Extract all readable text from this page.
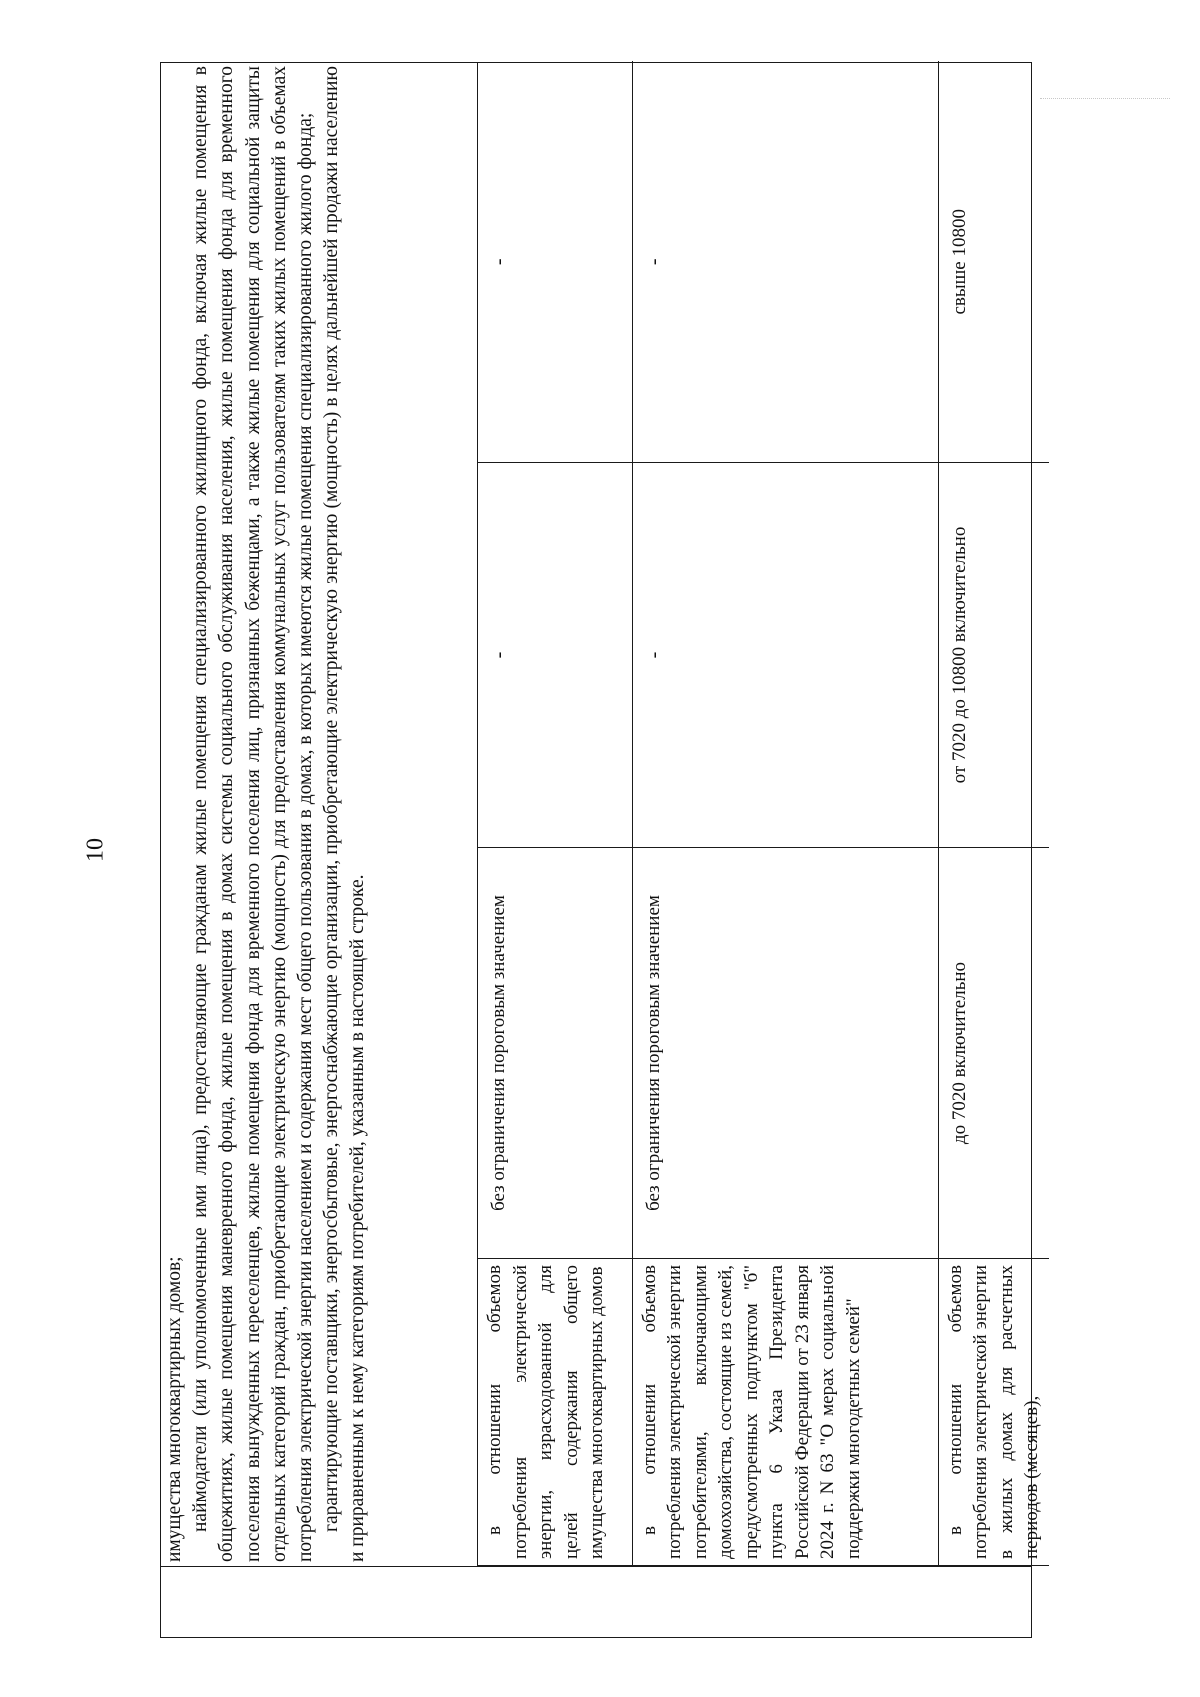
10

имущества многоквартирных домов; наймодатели (или уполномоченные ими лица), предоставляющие гражданам жилые помещения специализированного жилищного фонда, включая жилые помещения в общежитиях, жилые помещения маневренного фонда, жилые помещения в домах системы социального обслуживания населения, жилые помещения фонда для временного поселения вынужденных переселенцев, жилые помещения фонда для временного поселения лиц, признанных беженцами, а также жилые помещения для социальной защиты отдельных категорий граждан, приобретающие электрическую энергию (мощность) для предоставления коммунальных услуг пользователям таких жилых помещений в объемах потребления электрической энергии населением и содержания мест общего пользования в домах, в которых имеются жилые помещения специализированного жилого фонда; гарантирующие поставщики, энергосбытовые, энергоснабжающие организации, приобретающие электрическую энергию (мощность) в целях дальнейшей продажи населению и приравненным к нему категориям потребителей, указанным в настоящей строке.	в отношении объемов потребления электрической энергии, израсходованной для целей содержания общего имущества многоквартирных домов	без ограничения пороговым значением	-	-
в отношении объемов потребления электрической энергии потребителями, включающими домохозяйства, состоящие из семей, предусмотренных подпунктом "б" пункта 6 Указа Президента Российской Федерации от 23 января 2024 г. N 63 "О мерах социальной поддержки многодетных семей"	без ограничения пороговым значением	-	-
в отношении объемов потребления электрической энергии в жилых домах для расчетных периодов (месяцев),	до 7020 включительно	от 7020 до 10800 включительно	свыше 10800
